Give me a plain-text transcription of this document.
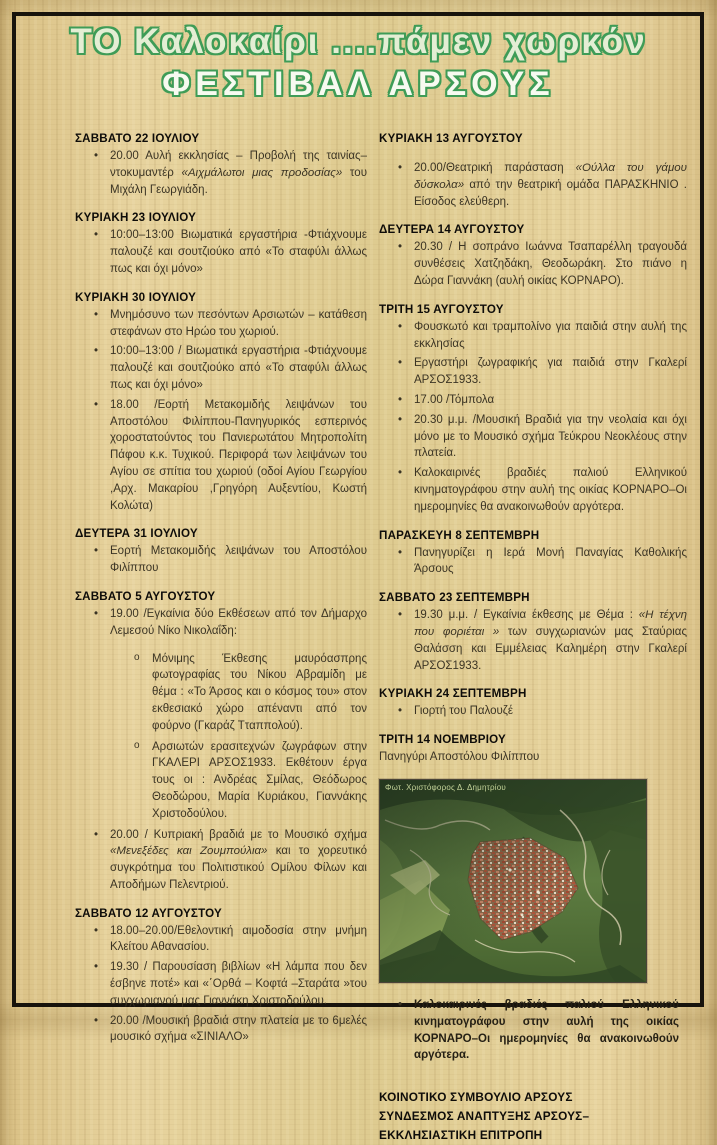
ΤΟ Καλοκαίρι ....πάμεν χωρκόν
ΦΕΣΤΙΒΑΛ ΑΡΣΟΥΣ
ΣΑΒΒΑΤΟ 22 ΙΟΥΛΙΟΥ
• 20.00 Αυλή εκκλησίας – Προβολή της ταινίας– ντοκυμαντέρ «Αιχμάλωτοι μιας προδοσίας» του Μιχάλη Γεωργιάδη.
ΚΥΡΙΑΚΗ 23 ΙΟΥΛΙΟΥ
• 10:00–13:00 Βιωματικά εργαστήρια -Φτιάχνουμε παλουζέ και σουτζιούκο από «Το σταφύλι άλλως πως και όχι μόνο»
ΚΥΡΙΑΚΗ 30 ΙΟΥΛΙΟΥ
• Μνημόσυνο των πεσόντων Αρσιωτών – κατάθεση στεφάνων στο Ηρώο του χωριού.
• 10:00–13:00 / Βιωματικά εργαστήρια -Φτιάχνουμε παλουζέ και σουτζιούκο από «Το σταφύλι άλλως πως και όχι μόνο»
• 18.00 /Εορτή Μετακομιδής λειψάνων του Αποστόλου Φιλίππου-Πανηγυρικός εσπερινός χοροστατούντος του Πανιερωτάτου Μητροπολίτη Πάφου κ.κ. Τυχικού. Περιφορά των λειψάνων του Αγίου σε σπίτια του χωριού (οδοί Αγίου Γεωργίου ,Αρχ. Μακαρίου ,Γρηγόρη Αυξεντίου, Κωστή Κολώτα)
ΔΕΥΤΕΡΑ 31 ΙΟΥΛΙΟΥ
• Εορτή Μετακομιδής λειψάνων του Αποστόλου Φιλίππου
ΣΑΒΒΑΤΟ 5 ΑΥΓΟΥΣΤΟΥ
• 19.00 /Εγκαίνια δύο Εκθέσεων από τον Δήμαρχο Λεμεσού Νίκο Νικολαΐδη:
o Μόνιμης Έκθεσης μαυρόασπρης φωτογραφίας του Νίκου Αβραμίδη με θέμα : «Το Άρσος και ο κόσμος του» στον εκθεσιακό χώρο απέναντι από τον φούρνο (Γκαράζ Τταππολού).
o Αρσιωτών ερασιτεχνών ζωγράφων στην ΓΚΑΛΕΡΙ ΑΡΣΟΣ1933. Εκθέτουν έργα τους οι : Ανδρέας Σμίλας, Θεόδωρος Θεοδώρου, Μαρία Κυριάκου, Γιαννάκης Χριστοδούλου.
• 20.00 / Κυπριακή βραδιά με το Μουσικό σχήμα «Μενεξέδες και Ζουμπούλια» και το χορευτικό συγκρότημα του Πολιτιστικού Ομίλου Φίλων και Αποδήμων Πελεντριού.
ΣΑΒΒΑΤΟ 12 ΑΥΓΟΥΣΤΟΥ
• 18.00–20.00/Εθελοντική αιμοδοσία στην μνήμη Κλείτου Αθανασίου.
• 19.30 / Παρουσίαση βιβλίων «Η λάμπα που δεν έσβηνε ποτέ» και «΄Ορθά – Κοφτά –Σταράτα »του συγχωριανού μας Γιαννάκη Χριστοδούλου.
• 20.00 /Μουσική βραδιά στην πλατεία με το 6μελές μουσικό σχήμα «ΣΙΝΙΑΛΟ»
ΚΥΡΙΑΚΗ 13 ΑΥΓΟΥΣΤΟΥ
• 20.00/Θεατρική παράσταση «Ούλλα του γάμου δύσκολα» από την θεατρική ομάδα ΠΑΡΑΣΚΗΝΙΟ . Είσοδος ελεύθερη.
ΔΕΥΤΕΡΑ 14 ΑΥΓΟΥΣΤΟΥ
• 20.30 / Η σοπράνο Ιωάννα Τσαπαρέλλη τραγουδά συνθέσεις Χατζηδάκη, Θεοδωράκη. Στο πιάνο η Δώρα Γιαννάκη (αυλή οικίας ΚΟΡΝΑΡΟ).
ΤΡΙΤΗ 15 ΑΥΓΟΥΣΤΟΥ
• Φουσκωτό και τραμπολίνο για παιδιά στην αυλή της εκκλησίας
• Εργαστήρι ζωγραφικής για παιδιά στην Γκαλερί ΑΡΣΟΣ1933.
• 17.00 /Τόμπολα
• 20.30 μ.μ. /Μουσική Βραδιά για την νεολαία και όχι μόνο με το Μουσικό σχήμα Τεύκρου Νεοκλέους στην πλατεία.
• Καλοκαιρινές βραδιές παλιού Ελληνικού κινηματογράφου στην αυλή της οικίας ΚΟΡΝΑΡΟ–Οι ημερομηνίες θα ανακοινωθούν αργότερα.
ΠΑΡΑΣΚΕΥΗ 8 ΣΕΠΤΕΜΒΡΗ
• Πανηγυρίζει η Ιερά Μονή Παναγίας Καθολικής Άρσους
ΣΑΒΒΑΤΟ 23 ΣΕΠΤΕΜΒΡΗ
• 19.30 μ.μ. / Εγκαίνια έκθεσης με Θέμα : «Η τέχνη που φοριέται » των συγχωριανών μας Σταύριας Θαλάσση και Εμμέλειας Καλημέρη στην Γκαλερί ΑΡΣΟΣ1933.
ΚΥΡΙΑΚΗ 24 ΣΕΠΤΕΜΒΡΗ
• Γιορτή του Παλουζέ
ΤΡΙΤΗ 14 ΝΟΕΜΒΡΙΟΥ
Πανηγύρι Αποστόλου Φιλίππου
Φωτ. Χριστόφορος Δ. Δημητρίου
• Καλοκαιρινές βραδιές παλιού Ελληνικού κινηματογράφου στην αυλή της οικίας ΚΟΡΝΑΡΟ–Οι ημερομηνίες θα ανακοινωθούν αργότερα.
ΚΟΙΝΟΤΙΚΟ ΣΥΜΒΟΥΛΙΟ ΑΡΣΟΥΣ
ΣΥΝΔΕΣΜΟΣ ΑΝΑΠΤΥΞΗΣ ΑΡΣΟΥΣ–
ΕΚΚΛΗΣΙΑΣΤΙΚΗ ΕΠΙΤΡΟΠΗ
